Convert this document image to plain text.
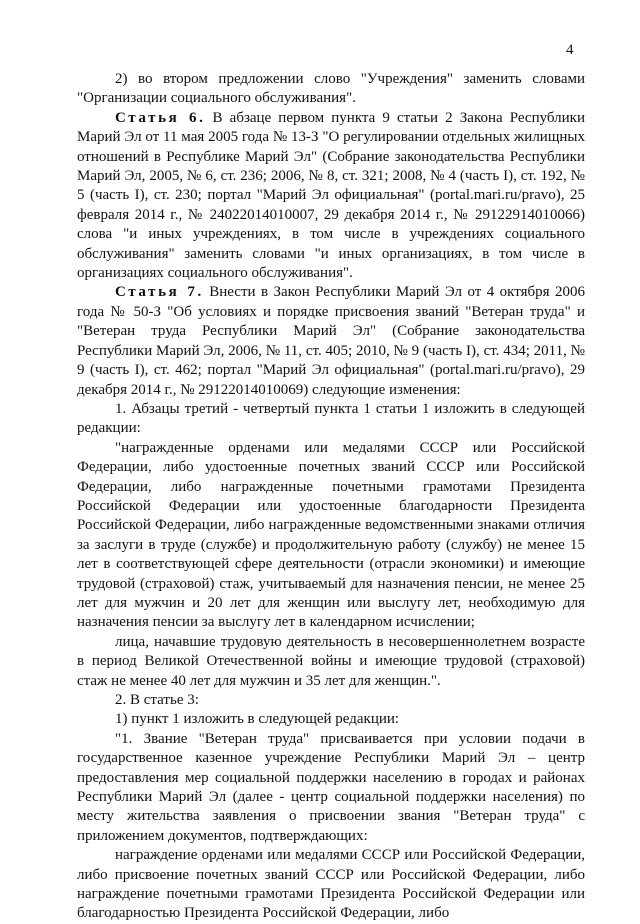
4

2) во втором предложении слово "Учреждения" заменить словами "Организации социального обслуживания".

Статья 6. В абзаце первом пункта 9 статьи 2 Закона Республики Марий Эл от 11 мая 2005 года № 13-З "О регулировании отдельных жилищных отношений в Республике Марий Эл" (Собрание законодательства Республики Марий Эл, 2005, № 6, ст. 236; 2006, № 8, ст. 321; 2008, № 4 (часть I), ст. 192, № 5 (часть I), ст. 230; портал "Марий Эл официальная" (portal.mari.ru/pravo), 25 февраля 2014 г., № 24022014010007, 29 декабря 2014 г., № 29122914010066) слова "и иных учреждениях, в том числе в учреждениях социального обслуживания" заменить словами "и иных организациях, в том числе в организациях социального обслуживания".

Статья 7. Внести в Закон Республики Марий Эл от 4 октября 2006 года № 50-З "Об условиях и порядке присвоения званий "Ветеран труда" и "Ветеран труда Республики Марий Эл" (Собрание законодательства Республики Марий Эл, 2006, № 11, ст. 405; 2010, № 9 (часть I), ст. 434; 2011, № 9 (часть I), ст. 462; портал "Марий Эл официальная" (portal.mari.ru/pravo), 29 декабря 2014 г., № 29122014010069) следующие изменения:

1. Абзацы третий - четвертый пункта 1 статьи 1 изложить в следующей редакции:

"награжденные орденами или медалями СССР или Российской Федерации, либо удостоенные почетных званий СССР или Российской Федерации, либо награжденные почетными грамотами Президента Российской Федерации или удостоенные благодарности Президента Российской Федерации, либо награжденные ведомственными знаками отличия за заслуги в труде (службе) и продолжительную работу (службу) не менее 15 лет в соответствующей сфере деятельности (отрасли экономики) и имеющие трудовой (страховой) стаж, учитываемый для назначения пенсии, не менее 25 лет для мужчин и 20 лет для женщин или выслугу лет, необходимую для назначения пенсии за выслугу лет в календарном исчислении;

лица, начавшие трудовую деятельность в несовершеннолетнем возрасте в период Великой Отечественной войны и имеющие трудовой (страховой) стаж не менее 40 лет для мужчин и 35 лет для женщин.".

2. В статье 3:

1) пункт 1 изложить в следующей редакции:

"1. Звание "Ветеран труда" присваивается при условии подачи в государственное казенное учреждение Республики Марий Эл – центр предоставления мер социальной поддержки населению в городах и районах Республики Марий Эл (далее - центр социальной поддержки населения) по месту жительства заявления о присвоении звания "Ветеран труда" с приложением документов, подтверждающих:

награждение орденами или медалями СССР или Российской Федерации, либо присвоение почетных званий СССР или Российской Федерации, либо награждение почетными грамотами Президента Российской Федерации или благодарностью Президента Российской Федерации, либо
